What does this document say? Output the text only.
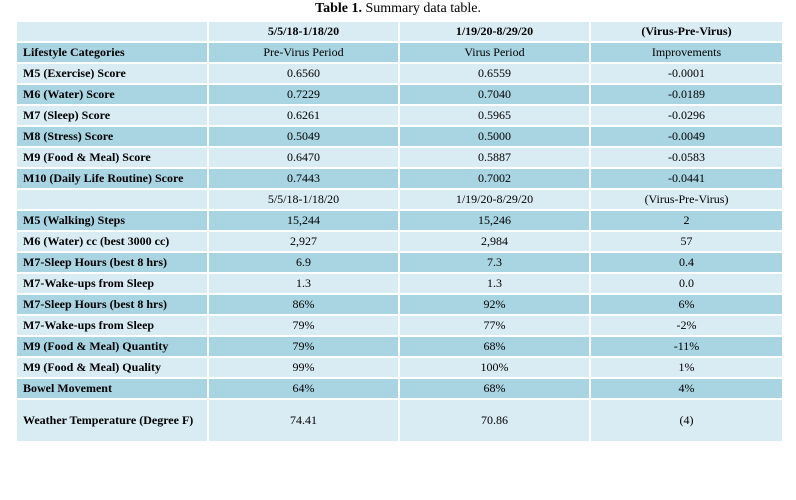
Table 1. Summary data table.
	5/5/18-1/18/20	1/19/20-8/29/20	(Virus-Pre-Virus)
Lifestyle Categories	Pre-Virus Period	Virus Period	Improvements
M5 (Exercise) Score	0.6560	0.6559	-0.0001
M6 (Water) Score	0.7229	0.7040	-0.0189
M7 (Sleep) Score	0.6261	0.5965	-0.0296
M8 (Stress) Score	0.5049	0.5000	-0.0049
M9 (Food & Meal) Score	0.6470	0.5887	-0.0583
M10 (Daily Life Routine) Score	0.7443	0.7002	-0.0441
	5/5/18-1/18/20	1/19/20-8/29/20	(Virus-Pre-Virus)
M5 (Walking) Steps	15,244	15,246	2
M6 (Water) cc (best 3000 cc)	2,927	2,984	57
M7-Sleep Hours (best 8 hrs)	6.9	7.3	0.4
M7-Wake-ups from Sleep	1.3	1.3	0.0
M7-Sleep Hours (best 8 hrs)	86%	92%	6%
M7-Wake-ups from Sleep	79%	77%	-2%
M9 (Food & Meal) Quantity	79%	68%	-11%
M9 (Food & Meal) Quality	99%	100%	1%
Bowel Movement	64%	68%	4%
Weather Temperature (Degree F)	74.41	70.86	(4)
